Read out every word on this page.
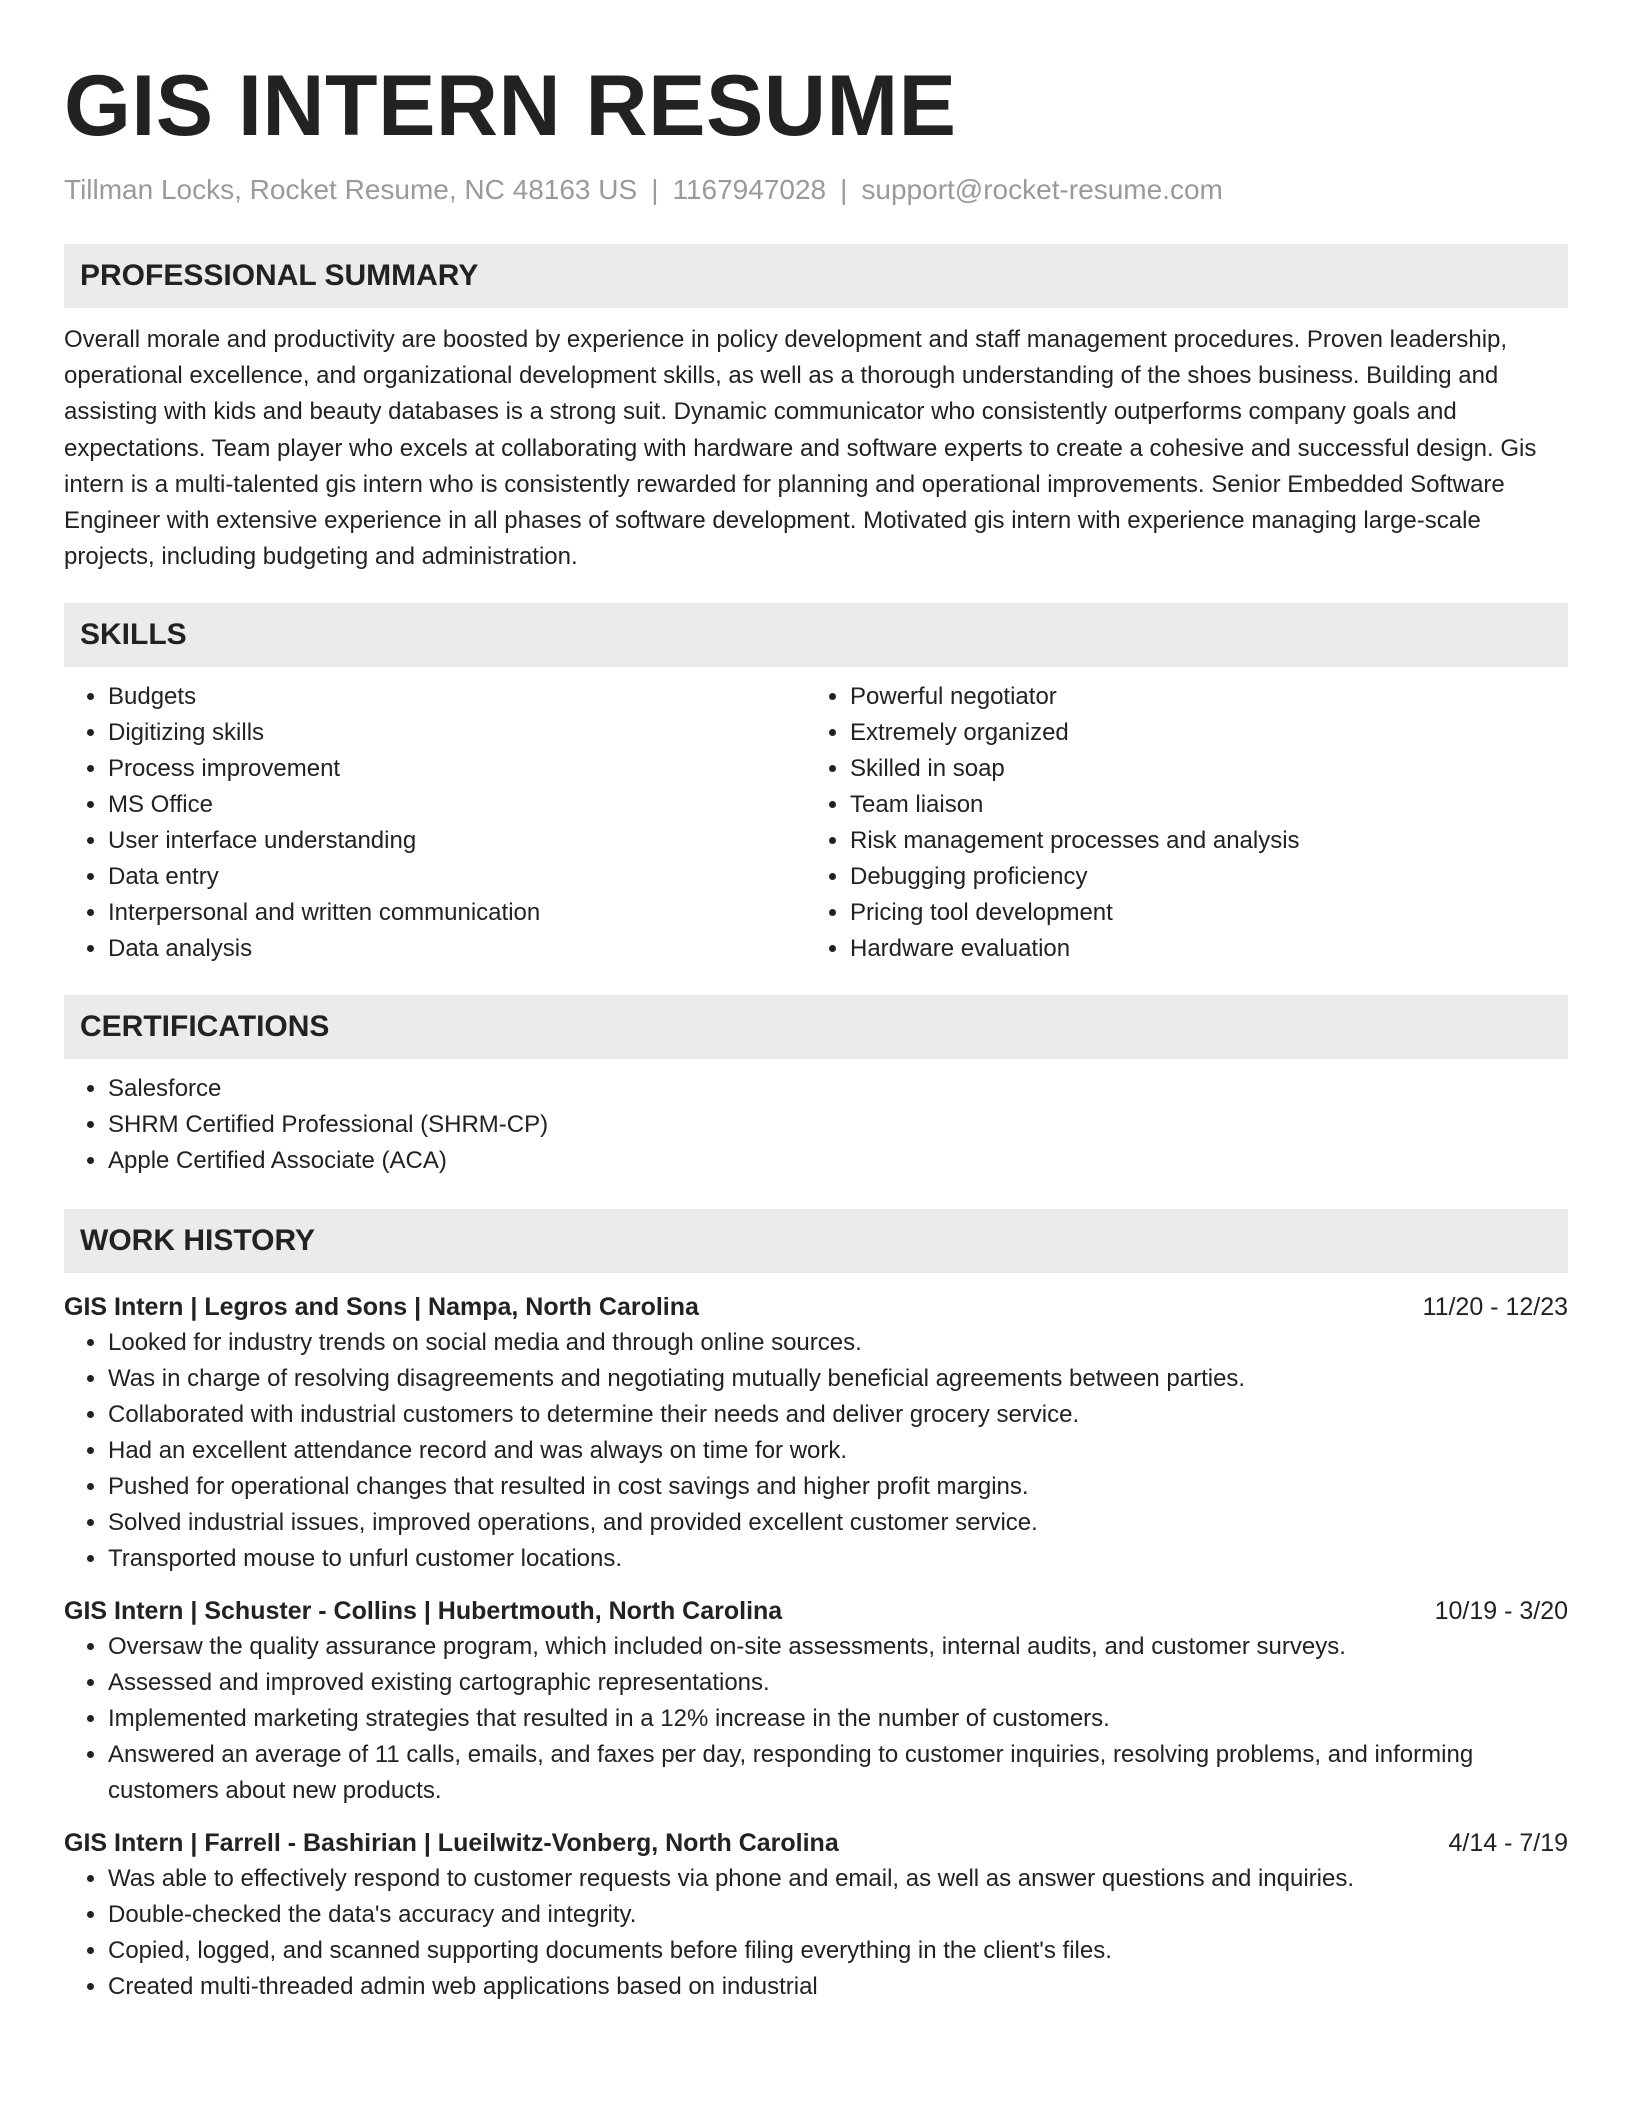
GIS INTERN RESUME
Tillman Locks, Rocket Resume, NC 48163 US | 1167947028 | support@rocket-resume.com
PROFESSIONAL SUMMARY

Overall morale and productivity are boosted by experience in policy development and staff management procedures. Proven leadership, operational excellence, and organizational development skills, as well as a thorough understanding of the shoes business. Building and assisting with kids and beauty databases is a strong suit. Dynamic communicator who consistently outperforms company goals and expectations. Team player who excels at collaborating with hardware and software experts to create a cohesive and successful design. Gis intern is a multi-talented gis intern who is consistently rewarded for planning and operational improvements. Senior Embedded Software Engineer with extensive experience in all phases of software development. Motivated gis intern with experience managing large-scale projects, including budgeting and administration.

SKILLS
• Budgets
• Digitizing skills
• Process improvement
• MS Office
• User interface understanding
• Data entry
• Interpersonal and written communication
• Data analysis
• Powerful negotiator
• Extremely organized
• Skilled in soap
• Team liaison
• Risk management processes and analysis
• Debugging proficiency
• Pricing tool development
• Hardware evaluation
CERTIFICATIONS
• Salesforce
• SHRM Certified Professional (SHRM-CP)
• Apple Certified Associate (ACA)
WORK HISTORY
GIS Intern | Legros and Sons | Nampa, North Carolina	11/20 - 12/23
• Looked for industry trends on social media and through online sources.
• Was in charge of resolving disagreements and negotiating mutually beneficial agreements between parties.
• Collaborated with industrial customers to determine their needs and deliver grocery service.
• Had an excellent attendance record and was always on time for work.
• Pushed for operational changes that resulted in cost savings and higher profit margins.
• Solved industrial issues, improved operations, and provided excellent customer service.
• Transported mouse to unfurl customer locations.
GIS Intern | Schuster - Collins | Hubertmouth, North Carolina	10/19 - 3/20
• Oversaw the quality assurance program, which included on-site assessments, internal audits, and customer surveys.
• Assessed and improved existing cartographic representations.
• Implemented marketing strategies that resulted in a 12% increase in the number of customers.
• Answered an average of 11 calls, emails, and faxes per day, responding to customer inquiries, resolving problems, and informing customers about new products.
GIS Intern | Farrell - Bashirian | Lueilwitz-Vonberg, North Carolina	4/14 - 7/19
• Was able to effectively respond to customer requests via phone and email, as well as answer questions and inquiries.
• Double-checked the data's accuracy and integrity.
• Copied, logged, and scanned supporting documents before filing everything in the client's files.
• Created multi-threaded admin web applications based on industrial
